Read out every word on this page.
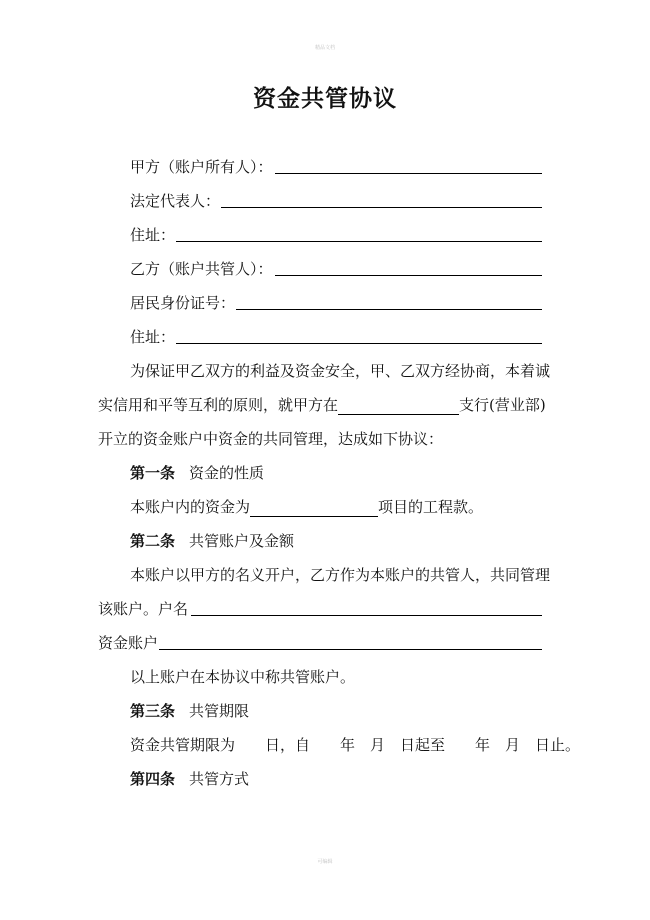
精品文档
资金共管协议
甲方（账户所有人）：
法定代表人：
住址：
乙方（账户共管人）：
居民身份证号：
住址：
为保证甲乙双方的利益及资金安全，甲、乙双方经协商，本着诚
实信用和平等互利的原则，就甲方在	支行(营业部)
开立的资金账户中资金的共同管理，达成如下协议：
第一条 资金的性质
本账户内的资金为	项目的工程款。
第二条 共管账户及金额
本账户以甲方的名义开户，乙方作为本账户的共管人，共同管理
该账户。户名
资金账户
以上账户在本协议中称共管账户。
第三条 共管期限
资金共管期限为　　日，自　　年　月　日起至　　年　月　日止。
第四条 共管方式
可编辑
